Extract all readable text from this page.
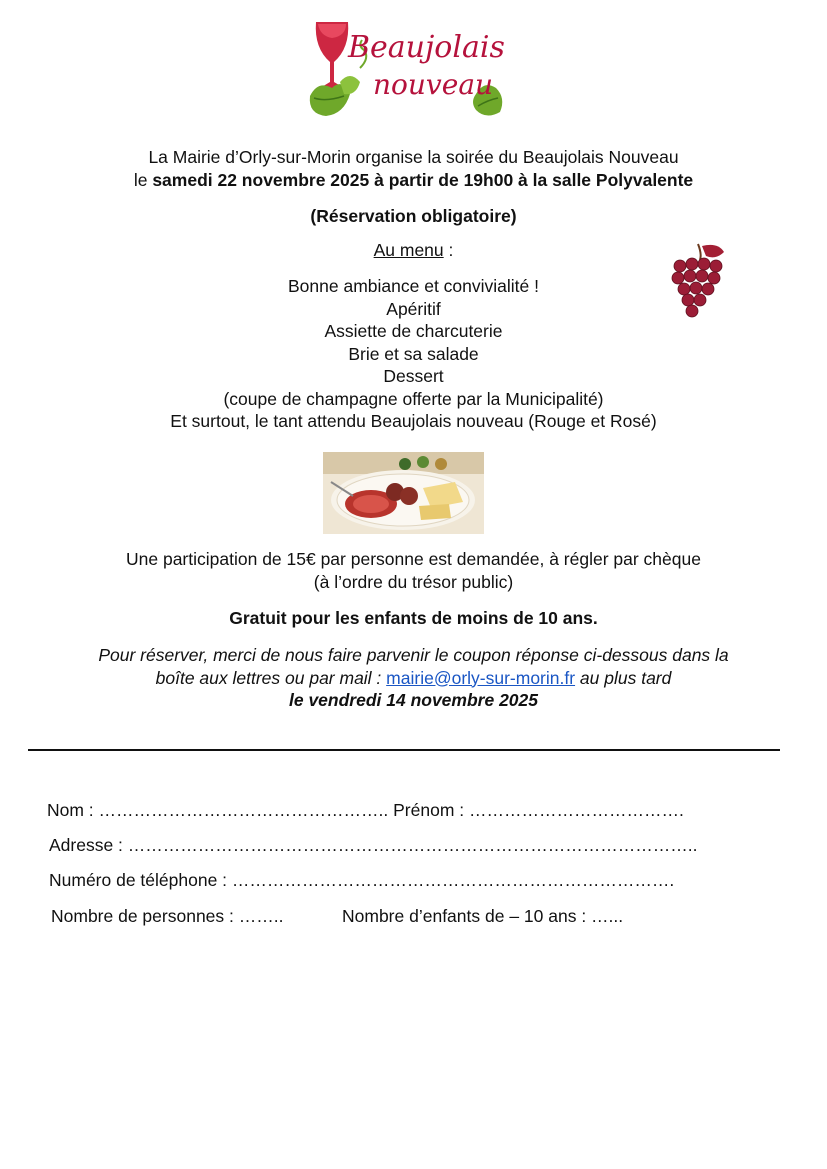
Beaujolais
nouveau
La Mairie d’Orly-sur-Morin organise la soirée du Beaujolais Nouveau
le samedi 22 novembre 2025 à partir de 19h00 à la salle Polyvalente
(Réservation obligatoire)
Au menu :
Bonne ambiance et convivialité !
Apéritif
Assiette de charcuterie
Brie et sa salade
Dessert
(coupe de champagne offerte par la Municipalité)
Et surtout, le tant attendu Beaujolais nouveau (Rouge et Rosé)
Une participation de 15€ par personne est demandée, à régler par chèque
(à l’ordre du trésor public)
Gratuit pour les enfants de moins de 10 ans.
Pour réserver, merci de nous faire parvenir le coupon réponse ci-dessous dans la
boîte aux lettres ou par mail : mairie@orly-sur-morin.fr au plus tard
le vendredi 14 novembre 2025
Nom : ………………………………………….. Prénom : ……………………………….
Adresse : ……………………………………………………………………………………..
Numéro de téléphone : ………………………………………………………………….
Nombre de personnes : ……..	Nombre d’enfants de – 10 ans : …...
